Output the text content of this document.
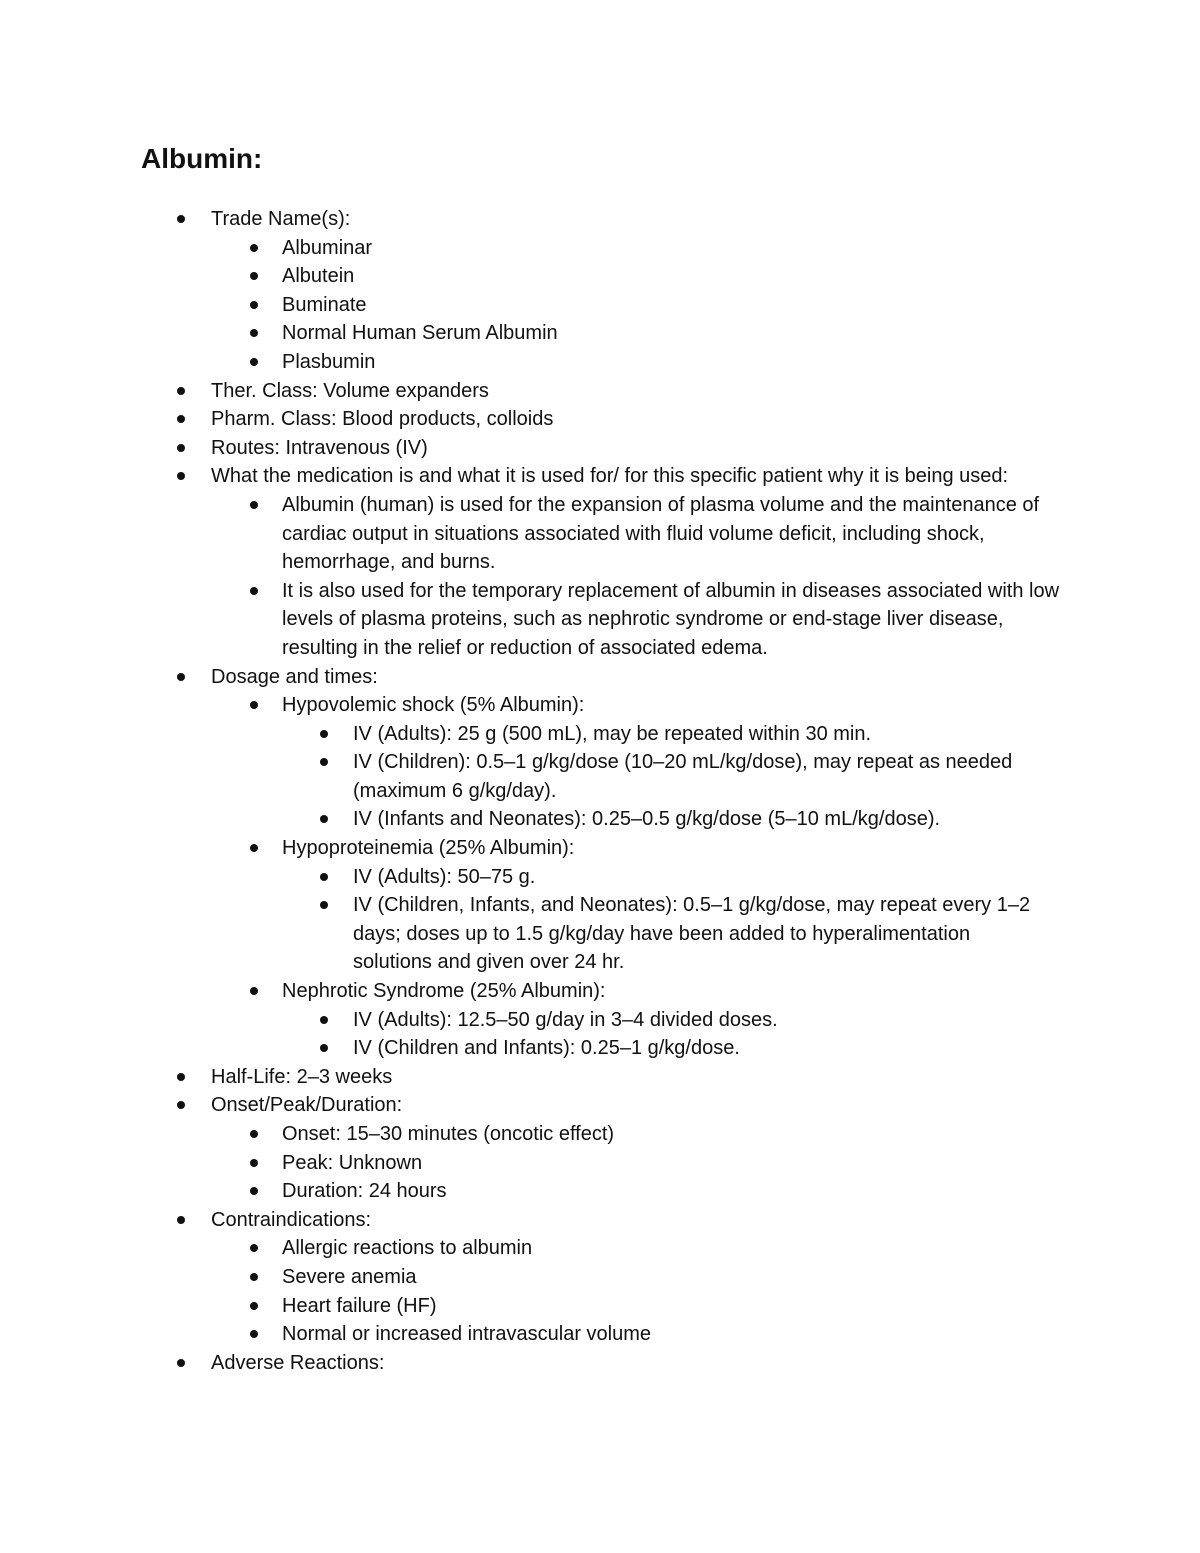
Albumin:
Trade Name(s):
Albuminar
Albutein
Buminate
Normal Human Serum Albumin
Plasbumin
Ther. Class: Volume expanders
Pharm. Class: Blood products, colloids
Routes: Intravenous (IV)
What the medication is and what it is used for/ for this specific patient why it is being used:
Albumin (human) is used for the expansion of plasma volume and the maintenance of cardiac output in situations associated with fluid volume deficit, including shock, hemorrhage, and burns.
It is also used for the temporary replacement of albumin in diseases associated with low levels of plasma proteins, such as nephrotic syndrome or end-stage liver disease, resulting in the relief or reduction of associated edema.
Dosage and times:
Hypovolemic shock (5% Albumin):
IV (Adults): 25 g (500 mL), may be repeated within 30 min.
IV (Children): 0.5–1 g/kg/dose (10–20 mL/kg/dose), may repeat as needed (maximum 6 g/kg/day).
IV (Infants and Neonates): 0.25–0.5 g/kg/dose (5–10 mL/kg/dose).
Hypoproteinemia (25% Albumin):
IV (Adults): 50–75 g.
IV (Children, Infants, and Neonates): 0.5–1 g/kg/dose, may repeat every 1–2 days; doses up to 1.5 g/kg/day have been added to hyperalimentation solutions and given over 24 hr.
Nephrotic Syndrome (25% Albumin):
IV (Adults): 12.5–50 g/day in 3–4 divided doses.
IV (Children and Infants): 0.25–1 g/kg/dose.
Half-Life: 2–3 weeks
Onset/Peak/Duration:
Onset: 15–30 minutes (oncotic effect)
Peak: Unknown
Duration: 24 hours
Contraindications:
Allergic reactions to albumin
Severe anemia
Heart failure (HF)
Normal or increased intravascular volume
Adverse Reactions:
